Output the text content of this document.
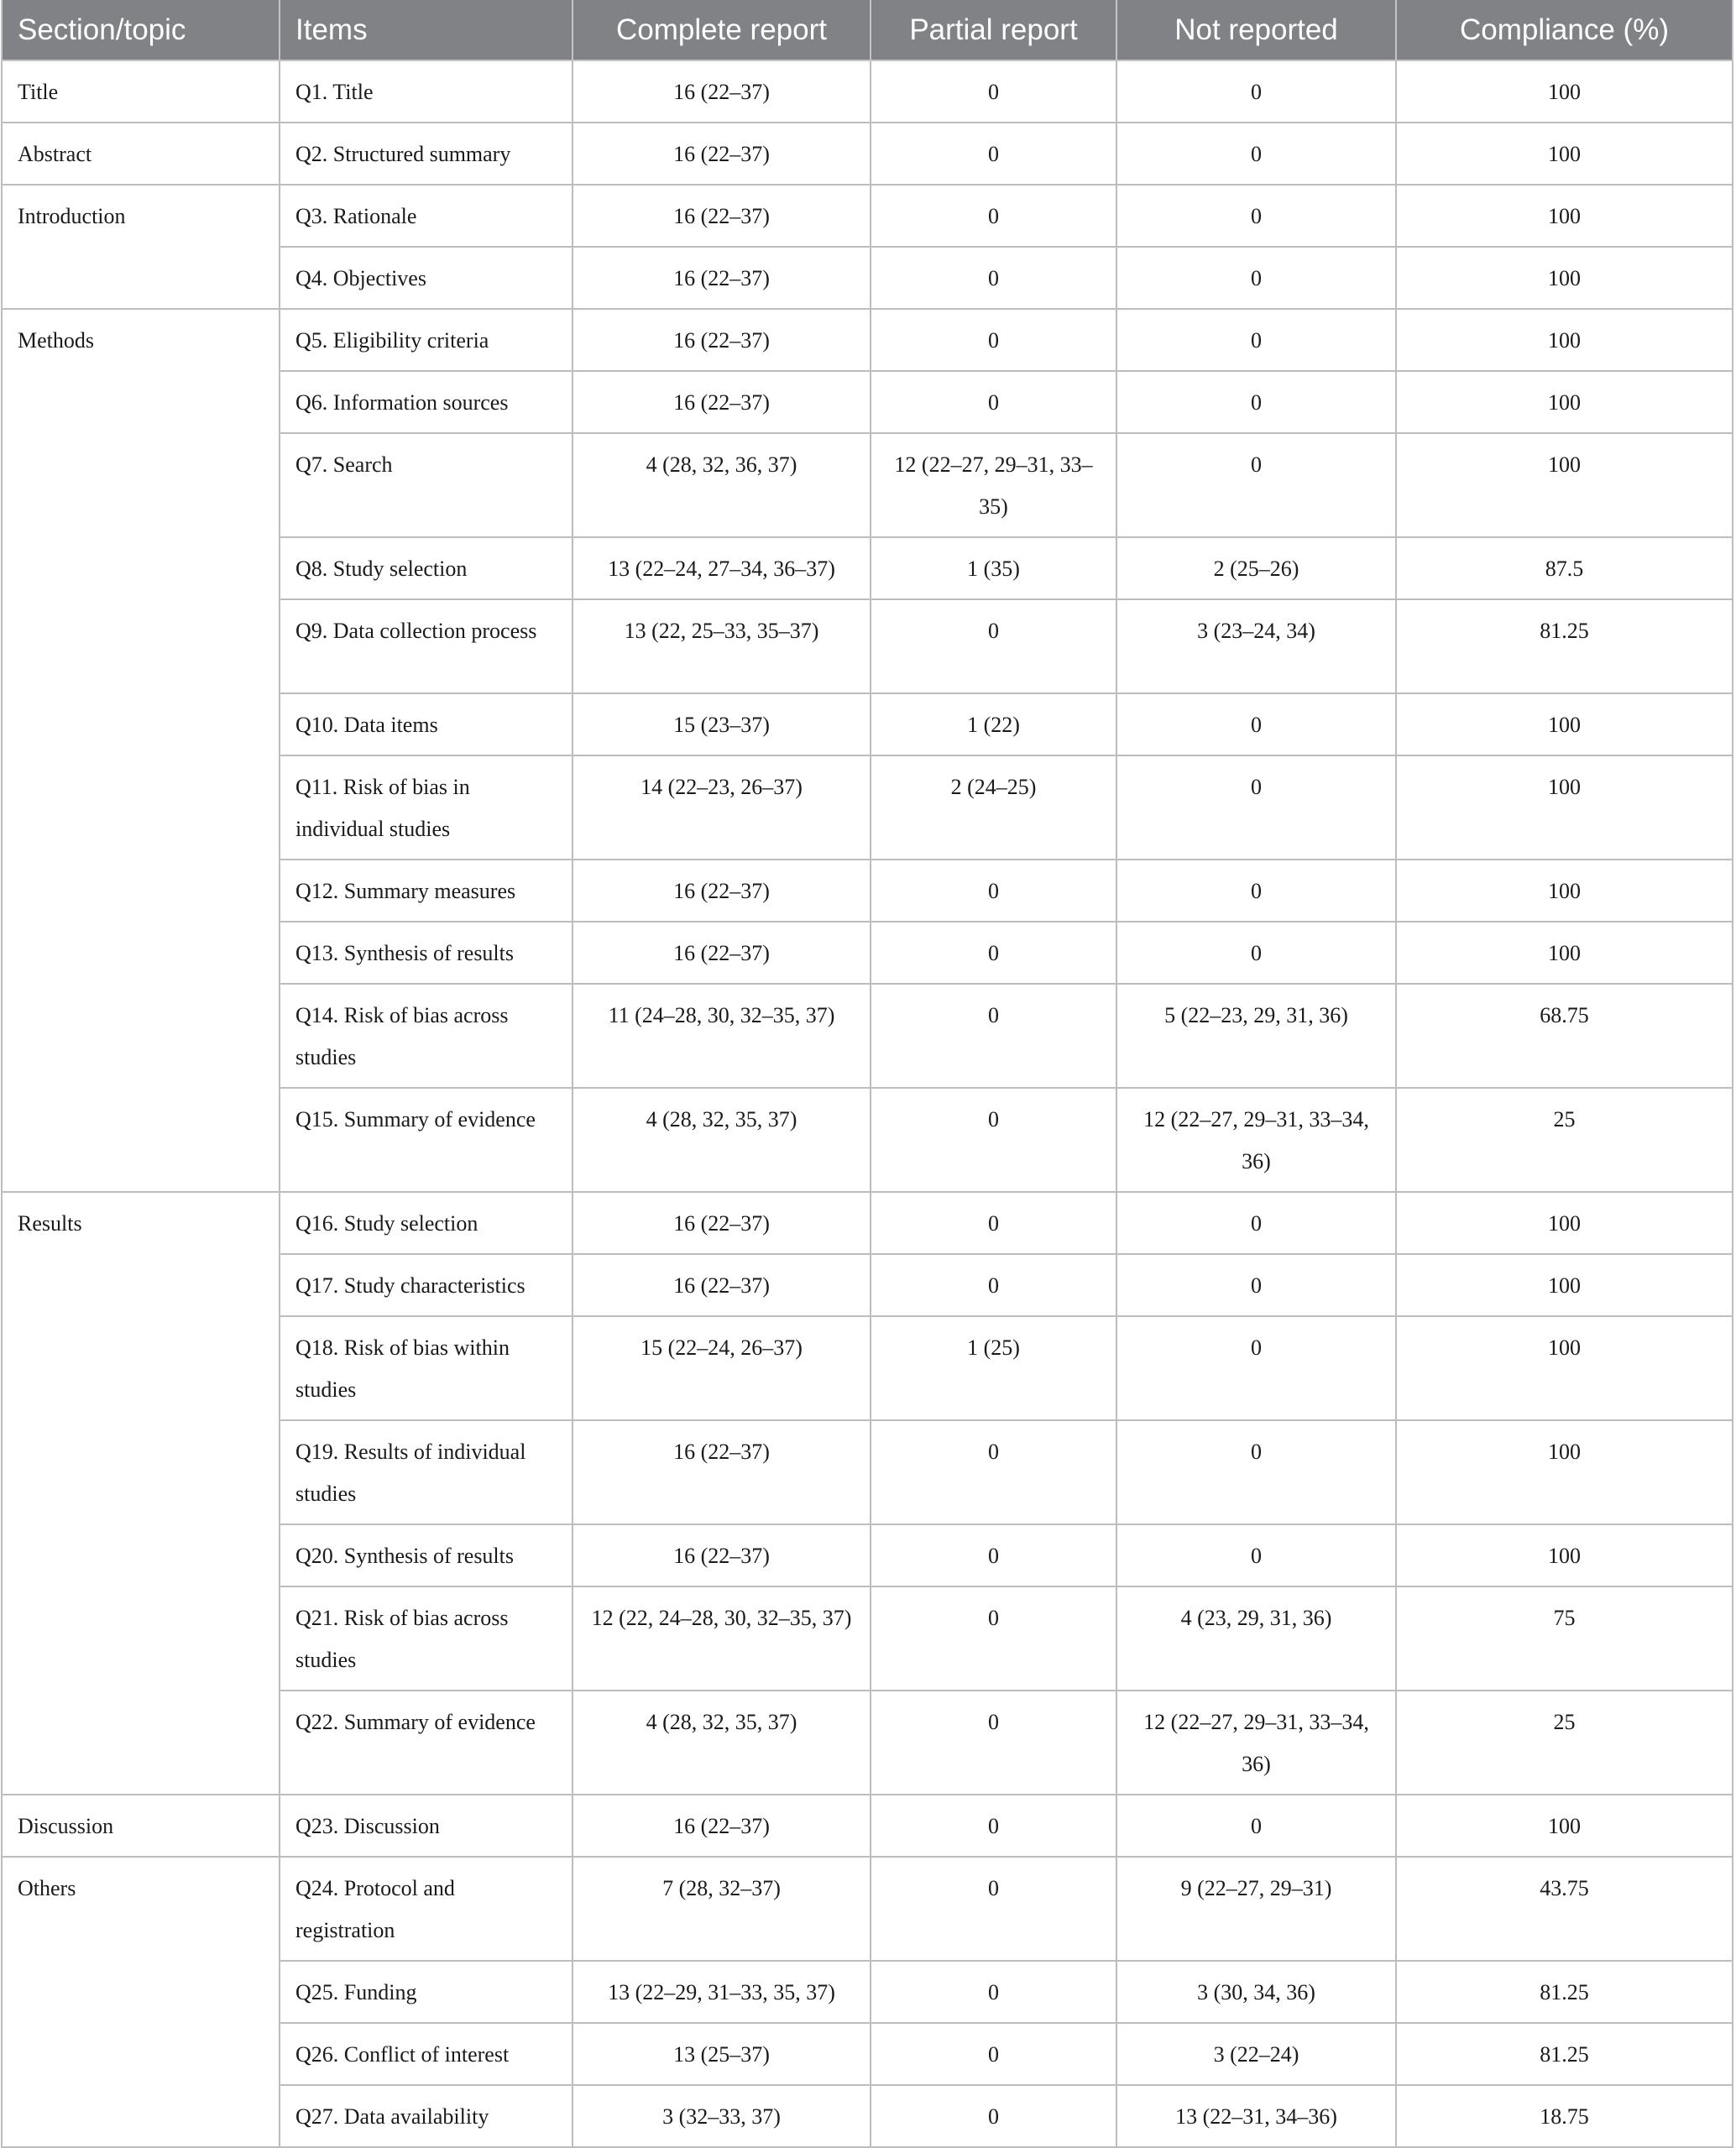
Section/topic	Items	Complete report	Partial report	Not reported	Compliance (%)
Title	Q1. Title	16 (22–37)	0	0	100
Abstract	Q2. Structured summary	16 (22–37)	0	0	100
Introduction	Q3. Rationale	16 (22–37)	0	0	100
	Q4. Objectives	16 (22–37)	0	0	100
Methods	Q5. Eligibility criteria	16 (22–37)	0	0	100
	Q6. Information sources	16 (22–37)	0	0	100
	Q7. Search	4 (28, 32, 36, 37)	12 (22–27, 29–31, 33–35)	0	100
	Q8. Study selection	13 (22–24, 27–34, 36–37)	1 (35)	2 (25–26)	87.5
	Q9. Data collection process	13 (22, 25–33, 35–37)	0	3 (23–24, 34)	81.25
	Q10. Data items	15 (23–37)	1 (22)	0	100
	Q11. Risk of bias in individual studies	14 (22–23, 26–37)	2 (24–25)	0	100
	Q12. Summary measures	16 (22–37)	0	0	100
	Q13. Synthesis of results	16 (22–37)	0	0	100
	Q14. Risk of bias across studies	11 (24–28, 30, 32–35, 37)	0	5 (22–23, 29, 31, 36)	68.75
	Q15. Summary of evidence	4 (28, 32, 35, 37)	0	12 (22–27, 29–31, 33–34, 36)	25
Results	Q16. Study selection	16 (22–37)	0	0	100
	Q17. Study characteristics	16 (22–37)	0	0	100
	Q18. Risk of bias within studies	15 (22–24, 26–37)	1 (25)	0	100
	Q19. Results of individual studies	16 (22–37)	0	0	100
	Q20. Synthesis of results	16 (22–37)	0	0	100
	Q21. Risk of bias across studies	12 (22, 24–28, 30, 32–35, 37)	0	4 (23, 29, 31, 36)	75
	Q22. Summary of evidence	4 (28, 32, 35, 37)	0	12 (22–27, 29–31, 33–34, 36)	25
Discussion	Q23. Discussion	16 (22–37)	0	0	100
Others	Q24. Protocol and registration	7 (28, 32–37)	0	9 (22–27, 29–31)	43.75
	Q25. Funding	13 (22–29, 31–33, 35, 37)	0	3 (30, 34, 36)	81.25
	Q26. Conflict of interest	13 (25–37)	0	3 (22–24)	81.25
	Q27. Data availability	3 (32–33, 37)	0	13 (22–31, 34–36)	18.75
